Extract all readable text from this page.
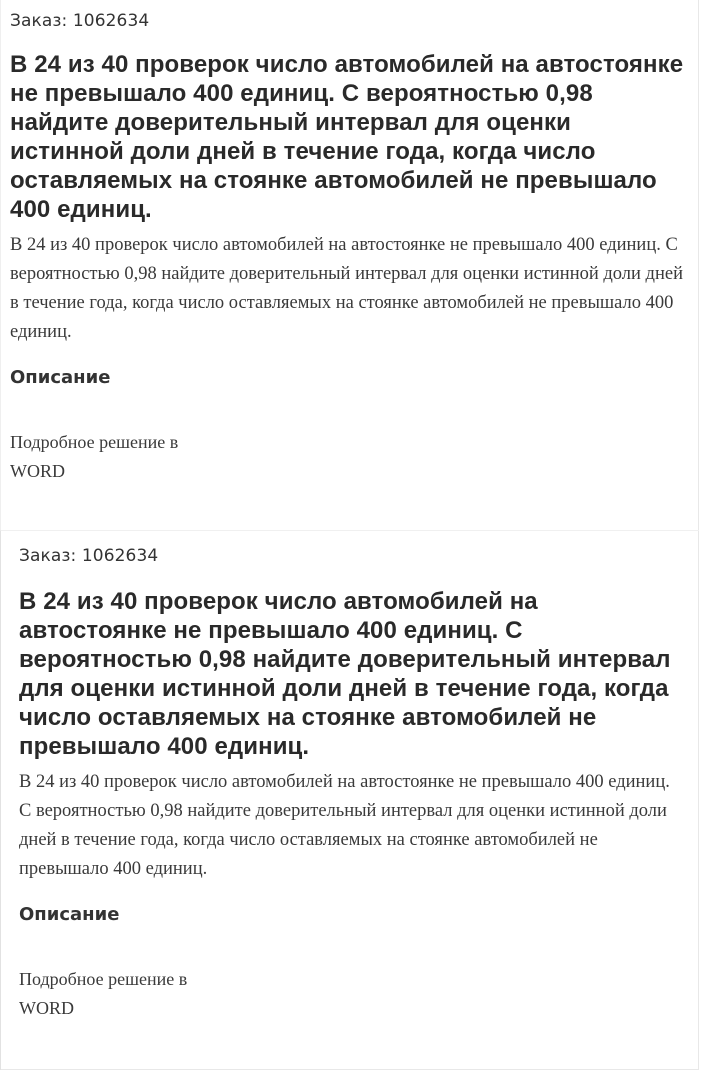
Заказ: 1062634
В 24 из 40 проверок число автомобилей на автостоянке не превышало 400 единиц. С вероятностью 0,98 найдите доверительный интервал для оценки истинной доли дней в течение года, когда число оставляемых на стоянке автомобилей не превышало 400 единиц.

В 24 из 40 проверок число автомобилей на автостоянке не превышало 400 единиц. С вероятностью 0,98 найдите доверительный интервал для оценки истинной доли дней в течение года, когда число оставляемых на стоянке автомобилей не превышало 400 единиц.

Описание

Подробное решение в WORD

Заказ: 1062634
В 24 из 40 проверок число автомобилей на автостоянке не превышало 400 единиц. С вероятностью 0,98 найдите доверительный интервал для оценки истинной доли дней в течение года, когда число оставляемых на стоянке автомобилей не превышало 400 единиц.

В 24 из 40 проверок число автомобилей на автостоянке не превышало 400 единиц. С вероятностью 0,98 найдите доверительный интервал для оценки истинной доли дней в течение года, когда число оставляемых на стоянке автомобилей не превышало 400 единиц.

Описание

Подробное решение в WORD
